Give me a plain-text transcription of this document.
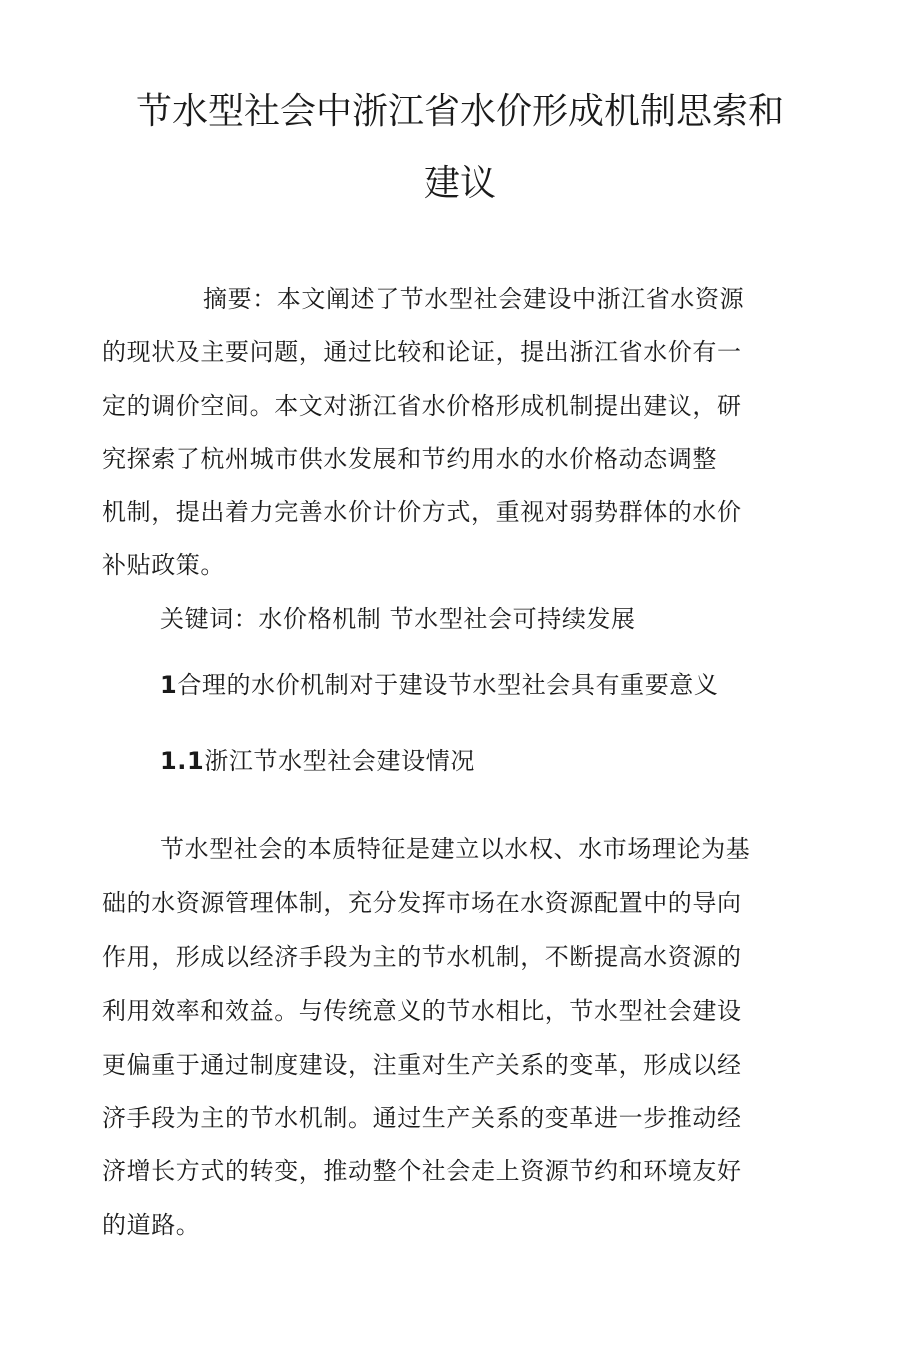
节水型社会中浙江省水价形成机制思索和
建议
摘要：本文阐述了节水型社会建设中浙江省水资源
的现状及主要问题，通过比较和论证，提出浙江省水价有一
定的调价空间。本文对浙江省水价格形成机制提出建议，研
究探索了杭州城市供水发展和节约用水的水价格动态调整
机制，提出着力完善水价计价方式，重视对弱势群体的水价
补贴政策。
关键词：水价格机制 节水型社会可持续发展
1合理的水价机制对于建设节水型社会具有重要意义
1.1浙江节水型社会建设情况
节水型社会的本质特征是建立以水权、水市场理论为基
础的水资源管理体制，充分发挥市场在水资源配置中的导向
作用，形成以经济手段为主的节水机制，不断提高水资源的
利用效率和效益。与传统意义的节水相比，节水型社会建设
更偏重于通过制度建设，注重对生产关系的变革，形成以经
济手段为主的节水机制。通过生产关系的变革进一步推动经
济增长方式的转变，推动整个社会走上资源节约和环境友好
的道路。
